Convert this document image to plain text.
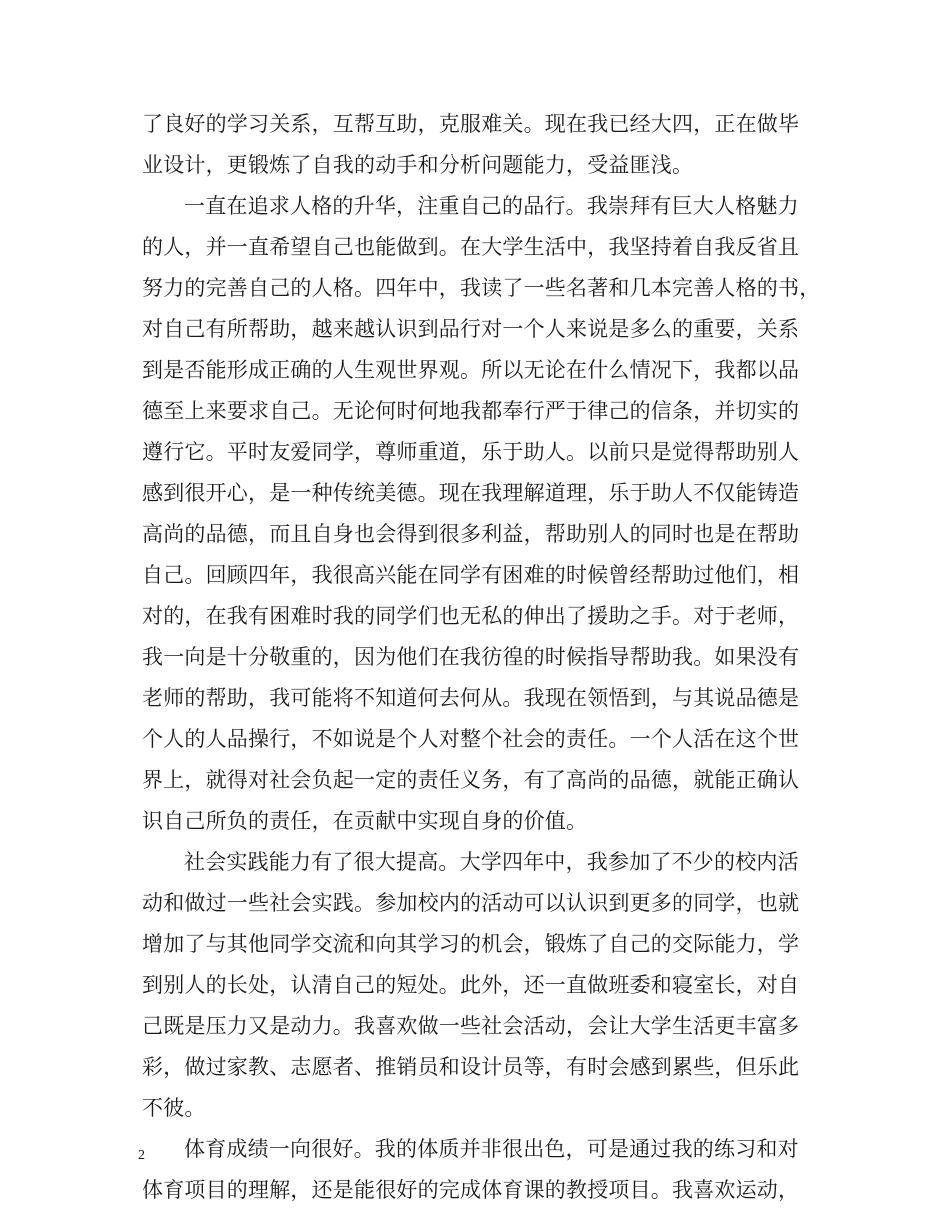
了良好的学习关系，互帮互助，克服难关。现在我已经大四，正在做毕
业设计，更锻炼了自我的动手和分析问题能力，受益匪浅。
一直在追求人格的升华，注重自己的品行。我崇拜有巨大人格魅力
的人，并一直希望自己也能做到。在大学生活中，我坚持着自我反省且
努力的完善自己的人格。四年中，我读了一些名著和几本完善人格的书，
对自己有所帮助，越来越认识到品行对一个人来说是多么的重要，关系
到是否能形成正确的人生观世界观。所以无论在什么情况下，我都以品
德至上来要求自己。无论何时何地我都奉行严于律己的信条，并切实的
遵行它。平时友爱同学，尊师重道，乐于助人。以前只是觉得帮助别人
感到很开心，是一种传统美德。现在我理解道理，乐于助人不仅能铸造
高尚的品德，而且自身也会得到很多利益，帮助别人的同时也是在帮助
自己。回顾四年，我很高兴能在同学有困难的时候曾经帮助过他们，相
对的，在我有困难时我的同学们也无私的伸出了援助之手。对于老师，
我一向是十分敬重的，因为他们在我彷徨的时候指导帮助我。如果没有
老师的帮助，我可能将不知道何去何从。我现在领悟到，与其说品德是
个人的人品操行，不如说是个人对整个社会的责任。一个人活在这个世
界上，就得对社会负起一定的责任义务，有了高尚的品德，就能正确认
识自己所负的责任，在贡献中实现自身的价值。
社会实践能力有了很大提高。大学四年中，我参加了不少的校内活
动和做过一些社会实践。参加校内的活动可以认识到更多的同学，也就
增加了与其他同学交流和向其学习的机会，锻炼了自己的交际能力，学
到别人的长处，认清自己的短处。此外，还一直做班委和寝室长，对自
己既是压力又是动力。我喜欢做一些社会活动，会让大学生活更丰富多
彩，做过家教、志愿者、推销员和设计员等，有时会感到累些，但乐此
不彼。
体育成绩一向很好。我的体质并非很出色，可是通过我的练习和对
体育项目的理解，还是能很好的完成体育课的教授项目。我喜欢运动，
2
